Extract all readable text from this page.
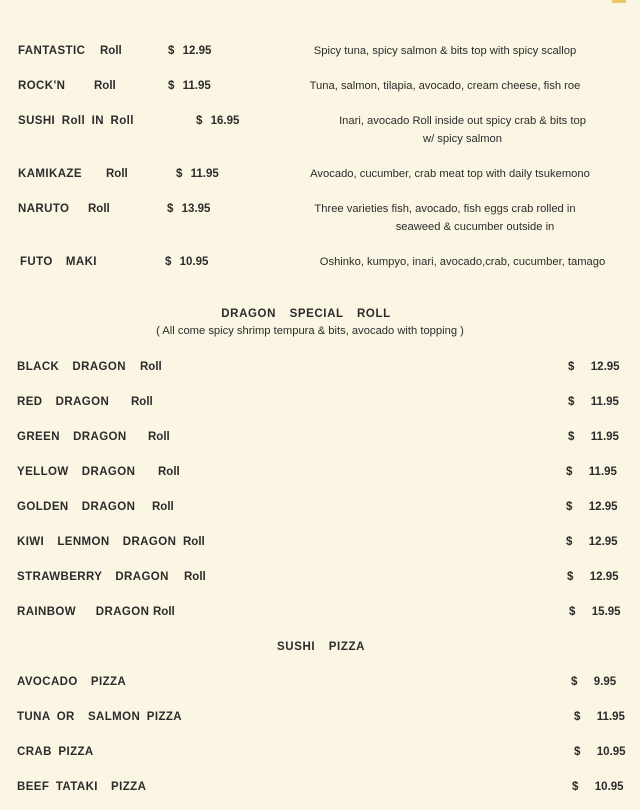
FANTASTIC Roll	$ 12.95	Spicy tuna, spicy salmon & bits top with spicy scallop
ROCK'N Roll	$ 11.95	Tuna, salmon, tilapia, avocado, cream cheese, fish roe
SUSHI Roll IN Roll	$ 16.95	Inari, avocado Roll inside out spicy crab & bits top
w/ spicy salmon
KAMIKAZE Roll	$ 11.95	Avocado, cucumber, crab meat top with daily tsukemono
NARUTO Roll	$ 13.95	Three varieties fish, avocado, fish eggs crab rolled in
seaweed & cucumber outside in
FUTO  MAKI	$ 10.95	Oshinko, kumpyo, inari, avocado,crab, cucumber, tamago
DRAGON  SPECIAL  ROLL
( All come spicy shrimp tempura & bits, avocado with topping )
BLACK  DRAGON Roll	$  12.95
RED  DRAGON Roll	$  11.95
GREEN  DRAGON Roll	$  11.95
YELLOW  DRAGON Roll	$  11.95
GOLDEN  DRAGON Roll	$  12.95
KIWI  LENMON  DRAGON Roll	$  12.95
STRAWBERRY  DRAGON Roll	$  12.95
RAINBOW   DRAGON Roll	$  15.95
SUSHI  PIZZA
AVOCADO  PIZZA	$  9.95
TUNA OR  SALMON PIZZA	$  11.95
CRAB PIZZA	$  10.95
BEEF TATAKI  PIZZA	$  10.95
